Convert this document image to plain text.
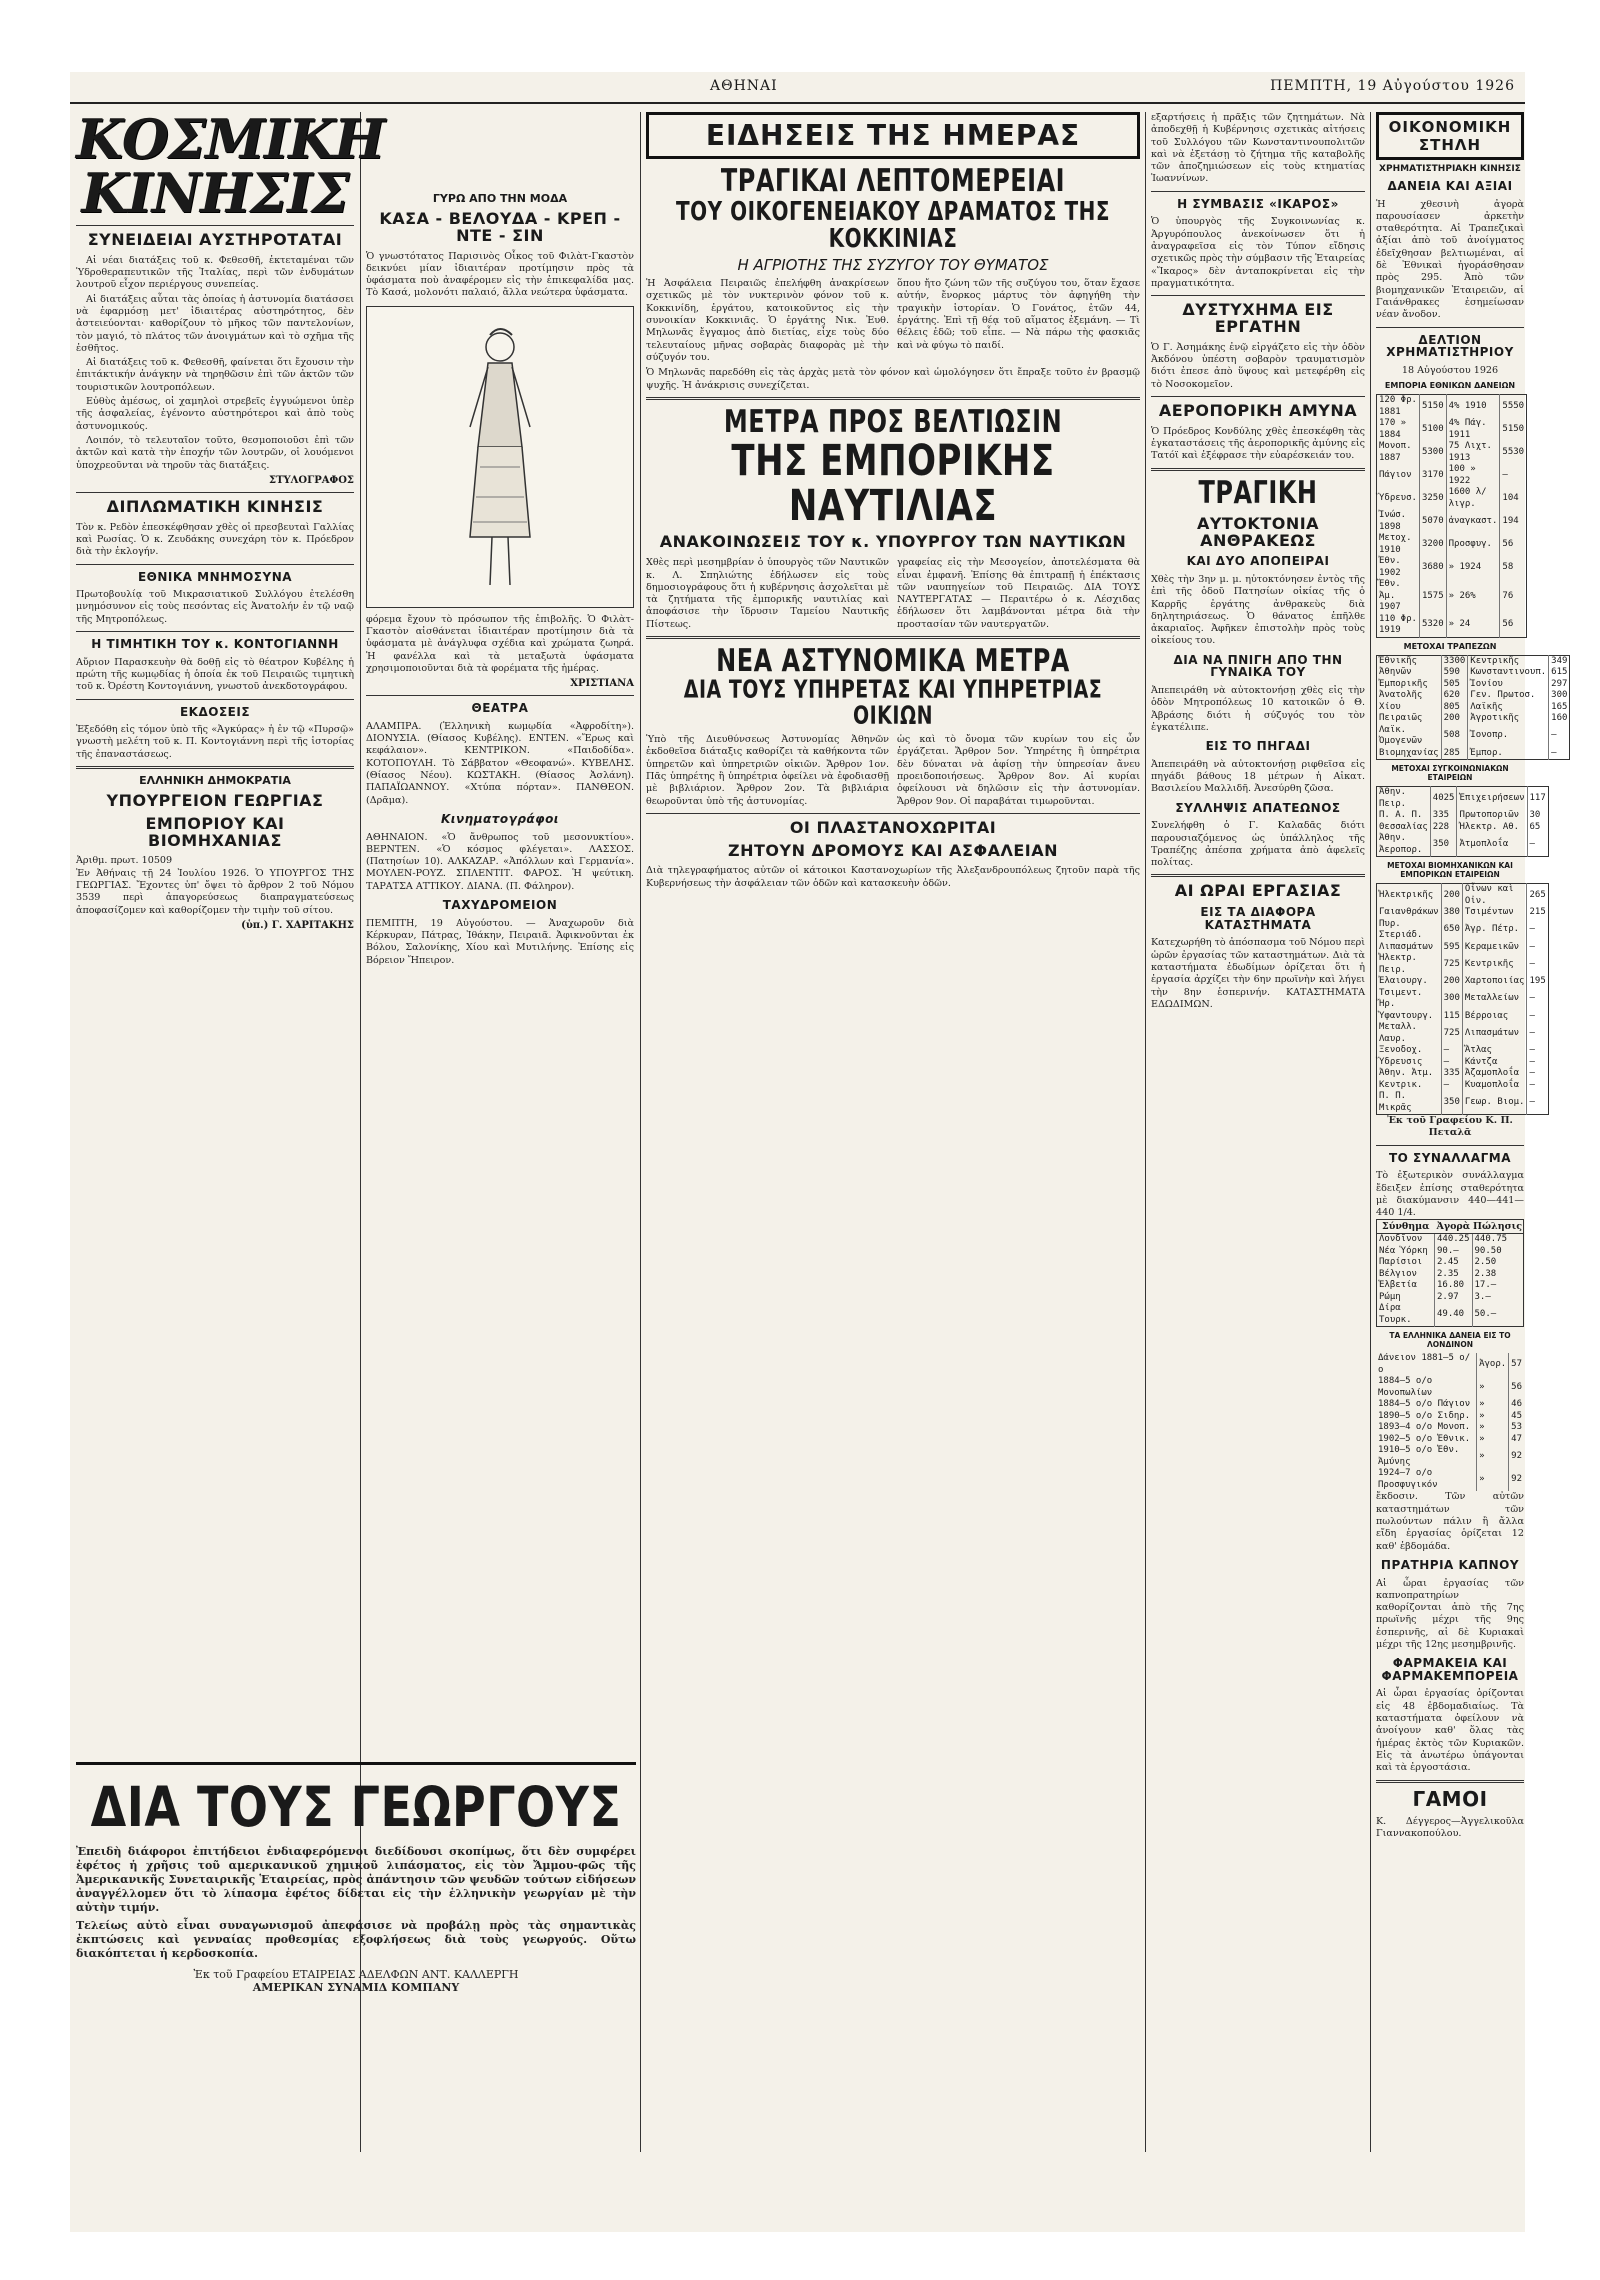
ΑΘΗΝΑΙ	ΠΕΜΠΤΗ, 19 Αὐγούστου 1926
ΚΟΣΜΙΚΗ ΚΙΝΗΣΙΣ
ΣΥΝΕΙΔΕΙΑΙ ΑΥΣΤΗΡΟΤΑΤΑΙ

Αἱ νέαι διατάξεις τοῦ κ. Φεθεσθῆ, ἐκτεταμέναι τῶν Ὑδροθεραπευτικῶν τῆς Ἰταλίας, περὶ τῶν ἐνδυμάτων λουτροῦ εἶχον περιέργους συνεπείας.

Αἱ διατάξεις αὗται τὰς ὁποίας ἡ ἀστυνομία διατάσσει νὰ ἐφαρμόσῃ μετ' ἰδιαιτέρας αὐστηρότητος, δὲν ἀστειεύονται· καθορίζουν τὸ μῆκος τῶν παντελονίων, τὸν μαγιό, τὸ πλάτος τῶν ἀνοιγμάτων καὶ τὸ σχῆμα τῆς ἐσθῆτος.

Αἱ διατάξεις τοῦ κ. Φεθεσθῆ, φαίνεται ὅτι ἔχουσιν τὴν ἐπιτάκτικήν ἀνάγκην νὰ τηρηθῶσιν ἐπὶ τῶν ἀκτῶν τῶν τουριστικῶν λουτροπόλεων.

Εὐθὺς ἀμέσως, οἱ χαμηλοὶ στρεβεῖς ἐγγυώμενοι ὑπὲρ τῆς ἀσφαλείας, ἐγένοντο αὐστηρότεροι καὶ ἀπὸ τοὺς ἀστυνομικούς.

Λοιπόν, τὸ τελευταῖον τοῦτο, θεσμοποιοῦσι ἐπὶ τῶν ἀκτῶν καὶ κατὰ τὴν ἐποχήν τῶν λουτρῶν, οἱ λουόμενοι ὑποχρεοῦνται νὰ τηροῦν τὰς διατάξεις.

ΣΤΥΛΟΓΡΑΦΟΣ
ΔΙΠΛΩΜΑΤΙΚΗ ΚΙΝΗΣΙΣ
Τὸν κ. Ρεδὸν ἐπεσκέφθησαν χθὲς οἱ πρεσβευταὶ Γαλλίας καὶ Ρωσίας. Ὁ κ. Ζευδάκης συνεχάρη τὸν κ. Πρόεδρον διὰ τὴν ἐκλογήν.
ΕΘΝΙΚΑ ΜΝΗΜΟΣΥΝΑ
Πρωτοβουλίᾳ τοῦ Μικρασιατικοῦ Συλλόγου ἐτελέσθη μνημόσυνον εἰς τοὺς πεσόντας εἰς Ἀνατολήν ἐν τῷ ναῷ τῆς Μητροπόλεως.
Η ΤΙΜΗΤΙΚΗ ΤΟΥ κ. ΚΟΝΤΟΓΙΑΝΝΗ
Αὔριον Παρασκευὴν θὰ δοθῇ εἰς τὸ θέατρον Κυβέλης ἡ πρώτη τῆς κωμῳδίας ἡ ὁποία ἐκ τοῦ Πειραιῶς τιμητικὴ τοῦ κ. Ὀρέστη Κοντογιάννη, γνωστοῦ ἀνεκδοτογράφου.
ΕΚΔΟΣΕΙΣ
Ἐξεδόθη εἰς τόμον ὑπὸ τῆς «Ἀγκύρας» ἡ ἐν τῷ «Πυρσῷ» γνωστὴ μελέτη τοῦ κ. Π. Κοντογιάννη περὶ τῆς ἱστορίας τῆς ἐπαναστάσεως.
ΕΛΛΗΝΙΚΗ ΔΗΜΟΚΡΑΤΙΑ
ΥΠΟΥΡΓΕΙΟΝ ΓΕΩΡΓΙΑΣ
ΕΜΠΟΡΙΟΥ ΚΑΙ ΒΙΟΜΗΧΑΝΙΑΣ
Ἀριθμ. πρωτ. 10509
Ἐν Ἀθήναις τῇ 24 Ἰουλίου 1926. Ὁ ΥΠΟΥΡΓΟΣ ΤΗΣ ΓΕΩΡΓΙΑΣ. Ἔχοντες ὑπ' ὄψει τὸ ἄρθρον 2 τοῦ Νόμου 3539 περὶ ἀπαγορεύσεως διαπραγματεύσεως ἀποφασίζομεν καὶ καθορίζομεν τὴν τιμὴν τοῦ σίτου.
(ὑπ.) Γ. ΧΑΡΙΤΑΚΗΣ
ΓΥΡΩ ΑΠΟ ΤΗΝ ΜΟΔΑ
ΚΑΣΑ - ΒΕΛΟΥΔΑ - ΚΡΕΠ - ΝΤΕ - ΣΙΝ
Ὁ γνωστότατος Παρισινὸς Οἶκος τοῦ Φιλὰτ-Γκαστὸν δεικνύει μίαν ἰδιαιτέραν προτίμησιν πρὸς τὰ ὑφάσματα ποὺ ἀναφέρομεν εἰς τὴν ἐπικεφαλίδα μας. Τὸ Κασά, μολονότι παλαιό, ἄλλα νεώτερα ὑφάσματα.
φόρεμα ἔχουν τὸ πρόσωπον τῆς ἐπιβολῆς. Ὁ Φιλὰτ-Γκαστὸν αἰσθάνεται ἰδιαιτέραν προτίμησιν διὰ τὰ ὑφάσματα μὲ ἀνάγλυφα σχέδια καὶ χρώματα ζωηρά. Ἡ φανέλλα καὶ τὰ μεταξωτὰ ὑφάσματα χρησιμοποιοῦνται διὰ τὰ φορέματα τῆς ἡμέρας.
ΧΡΙΣΤΙΑΝΑ
ΘΕΑΤΡΑ
ΑΛΑΜΠΡΑ. (Ἑλληνικὴ κωμῳδία «Ἀφροδίτη»). ΔΙΟΝΥΣΙΑ. (Θίασος Κυβέλης). ΕΝΤΕΝ. «Ἔρως καὶ κεφάλαιον». ΚΕΝΤΡΙΚΟΝ. «Παιδοδίδα». ΚΟΤΟΠΟΥΛΗ. Τὸ Σάββατον «Θεοφανώ». ΚΥΒΕΛΗΣ. (Θίασος Νέου). ΚΩΣΤΑΚΗ. (Θίασος Ἀσλάνη). ΠΑΠΑΪΩΑΝΝΟΥ. «Χτύπα πόρταν». ΠΑΝΘΕΟΝ. (Δρᾶμα).
Κινηματογράφοι
ΑΘΗΝΑΙΟΝ. «Ὁ ἄνθρωπος τοῦ μεσονυκτίου». ΒΕΡΝΤΕΝ. «Ὁ κόσμος φλέγεται». ΛΑΣΣΟΣ. (Πατησίων 10). ΑΛΚΑΖΑΡ. «Ἀπόλλων καὶ Γερμανία». ΜΟΥΛΕΝ-ΡΟΥΖ. ΣΠΛΕΝΤΙΤ. ΦΑΡΟΣ. Ἡ ψεύτικη. ΤΑΡΑΤΣΑ ΑΤΤΙΚΟΥ. ΔΙΑΝΑ. (Π. Φάληρον).
ΤΑΧΥΔΡΟΜΕΙΟΝ
ΠΕΜΠΤΗ, 19 Αὐγούστου. — Ἀναχωροῦν διὰ Κέρκυραν, Πάτρας, Ἰθάκην, Πειραιᾶ. Ἀφικνοῦνται ἐκ Βόλου, Σαλονίκης, Χίου καὶ Μυτιλήνης. Ἐπίσης εἰς Βόρειον Ἤπειρον.
ΔΙΑ ΤΟΥΣ ΓΕΩΡΓΟΥΣ
Ἐπειδὴ διάφοροι ἐπιτήδειοι ἐνδιαφερόμενοι διεδίδουσι σκοπίμως, ὅτι δὲν συμφέρει ἐφέτος ἡ χρῆσις τοῦ αμερικανικοῦ χημικοῦ λιπάσματος, εἰς τὸν Ἄμμου-φῶς τῆς Ἀμερικανικῆς Συνεταιρικῆς Ἑταιρείας, πρὸς ἀπάντησιν τῶν ψευδῶν τούτων εἰδήσεων ἀναγγέλλομεν ὅτι τὸ λίπασμα ἐφέτος δίδεται εἰς τὴν ἑλληνικὴν γεωργίαν μὲ τὴν αὐτὴν τιμήν.
Τελείως αὐτὸ εἶναι συναγωνισμοῦ ἀπεφάσισε νὰ προβάλῃ πρὸς τὰς σημαντικὰς ἐκπτώσεις καὶ γενναίας προθεσμίας εξοφλήσεως διὰ τοὺς γεωργούς. Οὕτω διακόπτεται ἡ κερδοσκοπία.
Ἐκ τοῦ Γραφείου ΕΤΑΙΡΕΙΑΣ ΑΔΕΛΦΩΝ ΑΝΤ. ΚΑΛΛΕΡΓΗ
ΑΜΕΡΙΚΑΝ ΣΥΝΑΜΙΔ ΚΟΜΠΑΝΥ
ΕΙΔΗΣΕΙΣ ΤΗΣ ΗΜΕΡΑΣ
ΤΡΑΓΙΚΑΙ ΛΕΠΤΟΜΕΡΕΙΑΙ
ΤΟΥ ΟΙΚΟΓΕΝΕΙΑΚΟΥ ΔΡΑΜΑΤΟΣ ΤΗΣ ΚΟΚΚΙΝΙΑΣ
Η ΑΓΡΙΟΤΗΣ ΤΗΣ ΣΥΖΥΓΟΥ ΤΟΥ ΘΥΜΑΤΟΣ
Ἡ Ἀσφάλεια Πειραιῶς ἐπελήφθη ἀνακρίσεων σχετικῶς μὲ τὸν νυκτερινὸν φόνον τοῦ κ. Κοκκινίδη, ἐργάτου, κατοικοῦντος εἰς τὴν συνοικίαν Κοκκινιᾶς. Ὁ ἐργάτης Νικ. Ἐυθ. Μηλωνᾶς ἔγγαμος ἀπὸ διετίας, εἶχε τοὺς δύο τελευταίους μῆνας σοβαρὰς διαφορὰς μὲ τὴν σύζυγόν του.
ὅπου ἤτο ζώνη τῶν τῆς συζύγου του, ὅταν ἔχασε αὐτήν, ἔνορκος μάρτυς τὸν ἀφηγήθη τὴν τραγικὴν ἱστορίαν. Ὁ Γονάτος, ἐτῶν 44, ἐργάτης. Ἐπὶ τῇ θέᾳ τοῦ αἵματος ἐξεμάνη. — Τὶ θέλεις ἐδῶ; τοῦ εἶπε. — Νὰ πάρω τὴς φασκιᾶς καὶ νὰ φύγω τὸ παιδί.
Ὁ Μηλωνᾶς παρεδόθη εἰς τὰς ἀρχὰς μετὰ τὸν φόνον καὶ ὡμολόγησεν ὅτι ἔπραξε τοῦτο ἐν βρασμῷ ψυχῆς. Ἡ ἀνάκρισις συνεχίζεται.
ΜΕΤΡΑ ΠΡΟΣ ΒΕΛΤΙΩΣΙΝ
ΤΗΣ ΕΜΠΟΡΙΚΗΣ ΝΑΥΤΙΛΙΑΣ
ΑΝΑΚΟΙΝΩΣΕΙΣ ΤΟΥ κ. ΥΠΟΥΡΓΟΥ ΤΩΝ ΝΑΥΤΙΚΩΝ
Χθὲς περὶ μεσημβρίαν ὁ ὑπουργὸς τῶν Ναυτικῶν κ. Λ. Σπηλιώτης ἐδήλωσεν εἰς τοὺς δημοσιογράφους ὅτι ἡ κυβέρνησις ἀσχολεῖται μὲ τὰ ζητήματα τῆς ἐμπορικῆς ναυτιλίας καὶ ἀποφάσισε τὴν ἵδρυσιν Ταμείου Ναυτικῆς Πίστεως.
γραφείας εἰς τὴν Μεσογείον, ἀποτελέσματα θὰ εἶναι ἐμφανῆ. Ἐπίσης θὰ ἐπιτραπῇ ἡ ἐπέκτασις τῶν ναυπηγείων τοῦ Πειραιῶς. ΔΙΑ ΤΟΥΣ ΝΑΥΤΕΡΓΑΤΑΣ — Περαιτέρω ὁ κ. Λέσχιδας ἐδήλωσεν ὅτι λαμβάνονται μέτρα διὰ τὴν προστασίαν τῶν ναυτεργατῶν.
ΝΕΑ ΑΣΤΥΝΟΜΙΚΑ ΜΕΤΡΑ
ΔΙΑ ΤΟΥΣ ΥΠΗΡΕΤΑΣ ΚΑΙ ΥΠΗΡΕΤΡΙΑΣ ΟΙΚΙΩΝ
Ὑπὸ τῆς Διευθύνσεως Ἀστυνομίας Ἀθηνῶν ἐκδοθεῖσα διάταξις καθορίζει τὰ καθήκοντα τῶν ὑπηρετῶν καὶ ὑπηρετριῶν οἰκιῶν. Ἄρθρον 1ον. Πᾶς ὑπηρέτης ἢ ὑπηρέτρια ὀφείλει νὰ ἐφοδιασθῇ μὲ βιβλιάριον. Ἄρθρον 2ον. Τὰ βιβλιάρια θεωροῦνται ὑπὸ τῆς ἀστυνομίας.
ὡς καὶ τὸ ὄνομα τῶν κυρίων του εἰς ὧν ἐργάζεται. Ἄρθρον 5ον. Ὑπηρέτης ἢ ὑπηρέτρια δὲν δύναται νὰ ἀφίσῃ τὴν ὑπηρεσίαν ἄνευ προειδοποιήσεως. Ἄρθρον 8ον. Αἱ κυρίαι ὀφείλουσι νὰ δηλῶσιν εἰς τὴν ἀστυνομίαν. Ἄρθρον 9ον. Οἱ παραβάται τιμωροῦνται.
ΟΙ ΠΛΑΣΤΑΝΟΧΩΡΙΤΑΙ
ΖΗΤΟΥΝ ΔΡΟΜΟΥΣ ΚΑΙ ΑΣΦΑΛΕΙΑΝ
Διὰ τηλεγραφήματος αὐτῶν οἱ κάτοικοι Καστανοχωρίων τῆς Ἀλεξανδρουπόλεως ζητοῦν παρὰ τῆς Κυβερνήσεως τὴν ἀσφάλειαν τῶν ὁδῶν καὶ κατασκευὴν ὁδῶν.
εξαρτήσεις ἡ πρᾶξις τῶν ζητημάτων. Νὰ ἀποδεχθῇ ἡ Κυβέρνησις σχετικὰς αἰτήσεις τοῦ Συλλόγου τῶν Κωνσταντινουπολιτῶν καὶ νὰ ἐξετάσῃ τὸ ζήτημα τῆς καταβολῆς τῶν ἀποζημιώσεων εἰς τοὺς κτηματίας Ἰωαννίνων.
Η ΣΥΜΒΑΣΙΣ «ΙΚΑΡΟΣ»
Ὁ ὑπουργὸς τῆς Συγκοινωνίας κ. Ἀργυρόπουλος ἀνεκοίνωσεν ὅτι ἡ ἀναγραφεῖσα εἰς τὸν Τύπον εἴδησις σχετικῶς πρὸς τὴν σύμβασιν τῆς Ἑταιρείας «Ἴκαρος» δὲν ἀνταποκρίνεται εἰς τὴν πραγματικότητα.
ΔΥΣΤΥΧΗΜΑ ΕΙΣ ΕΡΓΑΤΗΝ
Ὁ Γ. Ἀσημάκης ἐνῷ εἰργάζετο εἰς τὴν ὁδὸν Ἀκδόνου ὑπέστη σοβαρὸν τραυματισμὸν διότι ἐπεσε ἀπὸ ὕψους καὶ μετεφέρθη εἰς τὸ Νοσοκομεῖον.
ΑΕΡΟΠΟΡΙΚΗ ΑΜΥΝΑ
Ὁ Πρόεδρος Κονδύλης χθὲς ἐπεσκέφθη τὰς ἐγκαταστάσεις τῆς ἀεροπορικῆς ἀμύνης εἰς Τατόϊ καὶ ἐξέφρασε τὴν εὐαρέσκειάν του.
ΤΡΑΓΙΚΗ
ΑΥΤΟΚΤΟΝΙΑ ΑΝΘΡΑΚΕΩΣ
ΚΑΙ ΔΥΟ ΑΠΟΠΕΙΡΑΙ
Χθὲς τὴν 3ην μ. μ. ηὐτοκτόνησεν ἐντὸς τῆς ἐπὶ τῆς ὁδοῦ Πατησίων οἰκίας τῆς ὁ Καρρῆς ἐργάτης ἀνθρακεὺς διὰ δηλητηριάσεως. Ὁ θάνατος ἐπῆλθε ἀκαριαῖος. Ἀφῆκεν ἐπιστολὴν πρὸς τοὺς οἰκείους του.
ΔΙΑ ΝΑ ΠΝΙΓΗ ΑΠΟ ΤΗΝ ΓΥΝΑΙΚΑ ΤΟΥ
Ἀπεπειράθη νὰ αὐτοκτονήσῃ χθὲς εἰς τὴν ὁδὸν Μητροπόλεως 10 κατοικῶν ὁ Θ. Ἀβράσης διότι ἡ σύζυγός του τὸν ἐγκατέλιπε.
ΕΙΣ ΤΟ ΠΗΓΑΔΙ
Ἀπεπειράθη νὰ αὐτοκτονήσῃ ριφθεῖσα εἰς πηγάδι βάθους 18 μέτρων ἡ Αἰκατ. Βασιλείου Μαλλιδῆ. Ἀνεσύρθη ζῶσα.
ΣΥΛΛΗΨΙΣ ΑΠΑΤΕΩΝΟΣ
Συνελήφθη ὁ Γ. Καλαδᾶς διότι παρουσιαζόμενος ὡς ὑπάλληλος τῆς Τραπέζης ἀπέσπα χρήματα ἀπὸ ἀφελεῖς πολίτας.
ΑΙ ΩΡΑΙ ΕΡΓΑΣΙΑΣ
ΕΙΣ ΤΑ ΔΙΑΦΟΡΑ ΚΑΤΑΣΤΗΜΑΤΑ
Κατεχωρήθη τὸ ἀπόσπασμα τοῦ Νόμου περὶ ὡρῶν ἐργασίας τῶν καταστημάτων. Διὰ τὰ καταστήματα ἐδωδίμων ὁρίζεται ὅτι ἡ ἐργασία ἀρχίζει τὴν 6ην πρωϊνὴν καὶ λήγει τὴν 8ην ἑσπερινήν. ΚΑΤΑΣΤΗΜΑΤΑ ΕΔΩΔΙΜΩΝ.
ΟΙΚΟΝΟΜΙΚΗ ΣΤΗΛΗ
ΧΡΗΜΑΤΙΣΤΗΡΙΑΚΗ ΚΙΝΗΣΙΣ
ΔΑΝΕΙΑ ΚΑΙ ΑΞΙΑΙ
Ἡ χθεσινὴ ἀγορὰ παρουσίασεν ἀρκετὴν σταθερότητα. Αἱ Τραπεζικαὶ ἀξίαι ἀπὸ τοῦ ἀνοίγματος ἐδεῖχθησαν βελτιωμέναι, αἱ δὲ Ἐθνικαὶ ἠγοράσθησαν πρὸς 295. Ἀπὸ τῶν βιομηχανικῶν Ἐταιρειῶν, αἱ Γαιάνθρακες ἐσημείωσαν νέαν ἄνοδον.
ΔΕΛΤΙΟΝ ΧΡΗΜΑΤΙΣΤΗΡΙΟΥ
18 Αὐγούστου 1926
ΕΜΠΟΡΙΑ ΕΘΝΙΚΩΝ ΔΑΝΕΙΩΝ
120 Φρ. 1881	5150	4% 1910	5550
170 » 1884	5100	4% Πάγ. 1911	5150
Μονοπ. 1887	5300	75 Λιχτ. 1913	5530
Πάγιον	3170	100 » 1922	—
Ὕδρευσ.	3250	1600 λ/λιγρ.	104
Ἰνώσ. 1898	5070	ἀναγκαστ.	194
Μετοχ. 1910	3200	Προσφυγ.	56
Ἐθν. 1902	3680	» 1924	58
Ἔθν. Ἀμ. 1907	1575	» 26%	76
110 Φρ. 1919	5320	» 24	56
ΜΕΤΟΧΑΙ ΤΡΑΠΕΖΩΝ
Ἐθνικῆς	3300	Κεντρικῆς	349
Ἀθηνῶν	590	Κωνσταντινουπ.	615
Ἐμπορικῆς	505	Ἰονίου	297
Ἀνατολῆς	620	Γεν. Πρωτοσ.	300
Χίου	805	Λαϊκῆς	165
Πειραιῶς	200	Ἀγροτικῆς	160
Λαϊκ. Ὀμογενῶν	508	Ἰονοπρ.	—
Βιομηχανίας	285	Ἐμπορ.	—
ΜΕΤΟΧΑΙ ΣΥΓΚΟΙΝΩΝΙΑΚΩΝ ΕΤΑΙΡΕΙΩΝ
Ἀθην. Πειρ.	4025	Ἐπιχειρήσεων	117
Π. Α. Π.	335	Πρωτοποριῶν	30
Θεσσαλίας	228	Ἠλεκτρ. Αθ.	65
Ἀθην. Ἀεροπορ.	350	Ἀτμοπλοΐα	—
ΜΕΤΟΧΑΙ ΒΙΟΜΗΧΑΝΙΚΩΝ ΚΑΙ ΕΜΠΟΡΙΚΩΝ ΕΤΑΙΡΕΙΩΝ
Ἠλεκτρικῆς	200	Οἶνων καὶ Οἰν.	265
Γαιανθράκων	380	Τσιμέντων	215
Πυρ. Στεριάδ.	650	Ἀγρ. Πέτρ.	—
Λιπασμάτων	595	Κεραμεικῶν	—
Ἠλεκτρ. Πειρ.	725	Κεντρικῆς	—
Ἐλαιουργ.	200	Χαρτοποιίας	195
Τσιμεντ. Ἥρ.	300	Μεταλλείων	—
Ὑφαντουργ.	115	Βέρροιας	—
Μεταλλ. Λαυρ.	725	Λιπασμάτων	—
Ξενοδοχ.	—	Ἄτλας	—
Ὕδρευσις	—	Κάντζα	—
Ἀθην. Ἀτμ.	335	Ἀζαμοπλοΐα	—
Κεντρικ.	—	Κυαμοπλοΐα	—
Π. Π. Μικρᾶς	350	Γεωρ. Βιομ.	—
Ἐκ τοῦ Γραφείου Κ. Π. Πεταλᾶ
ΤΟ ΣΥΝΑΛΛΑΓΜΑ
Τὸ ἐξωτερικὸν συνάλλαγμα ἔδειξεν ἐπίσης σταθερότητα μὲ διακύμανσιν 440—441—440 1/4.
Σύνθημα	Ἀγορὰ	Πώλησις
Λονδῖνον	440.25	440.75
Νέα Ὑόρκη	90.—	90.50
Παρίσιοι	2.45	2.50
Βέλγιον	2.35	2.38
Ἑλβετία	16.80	17.—
Ρώμη	2.97	3.—
Δίρα Τουρκ.	49.40	50.—
ΤΑ ΕΛΛΗΝΙΚΑ ΔΑΝΕΙΑ ΕΙΣ ΤΟ ΛΟΝΔΙΝΟΝ
Δάνειον 1881—5 ο/ο	Ἀγορ.	57
1884—5 ο/ο Μονοπωλίων	»	56
1884—5 ο/ο Πάγιον	»	46
1890—5 ο/ο Σιδηρ.	»	45
1893—4 ο/ο Μονοπ.	»	53
1902—5 ο/ο Ἐθνικ.	»	47
1910—5 ο/ο Ἐθν. Ἀμύνης	»	92
1924—7 ο/ο Προσφυγικόν	»	92
ἔκδοσιν. Τῶν αὐτῶν καταστημάτων τῶν πωλούντων πάλιν ἢ ἄλλα εἴδη ἐργασίας ὁρίζεται 12 καθ' ἑβδομάδα.
ΠΡΑΤΗΡΙΑ ΚΑΠΝΟΥ
Αἱ ὧραι ἐργασίας τῶν καπνοπρατηρίων καθορίζονται ἀπὸ τῆς 7ης πρωϊνῆς μέχρι τῆς 9ης ἑσπερινῆς, αἱ δὲ Κυριακαὶ μέχρι τῆς 12ης μεσημβρινῆς.
ΦΑΡΜΑΚΕΙΑ ΚΑΙ ΦΑΡΜΑΚΕΜΠΟΡΕΙΑ
Αἱ ὧραι ἐργασίας ὁρίζονται εἰς 48 ἑβδομαδιαίως. Τὰ καταστήματα ὀφείλουν νὰ ἀνοίγουν καθ' ὅλας τὰς ἡμέρας ἐκτὸς τῶν Κυριακῶν. Εἰς τὰ ἀνωτέρω ὑπάγονται καὶ τὰ ἐργοστάσια.
ΓΑΜΟΙ
Κ. Δέγγερος—Ἀγγελικοῦλα Γιαννακοπούλου.
